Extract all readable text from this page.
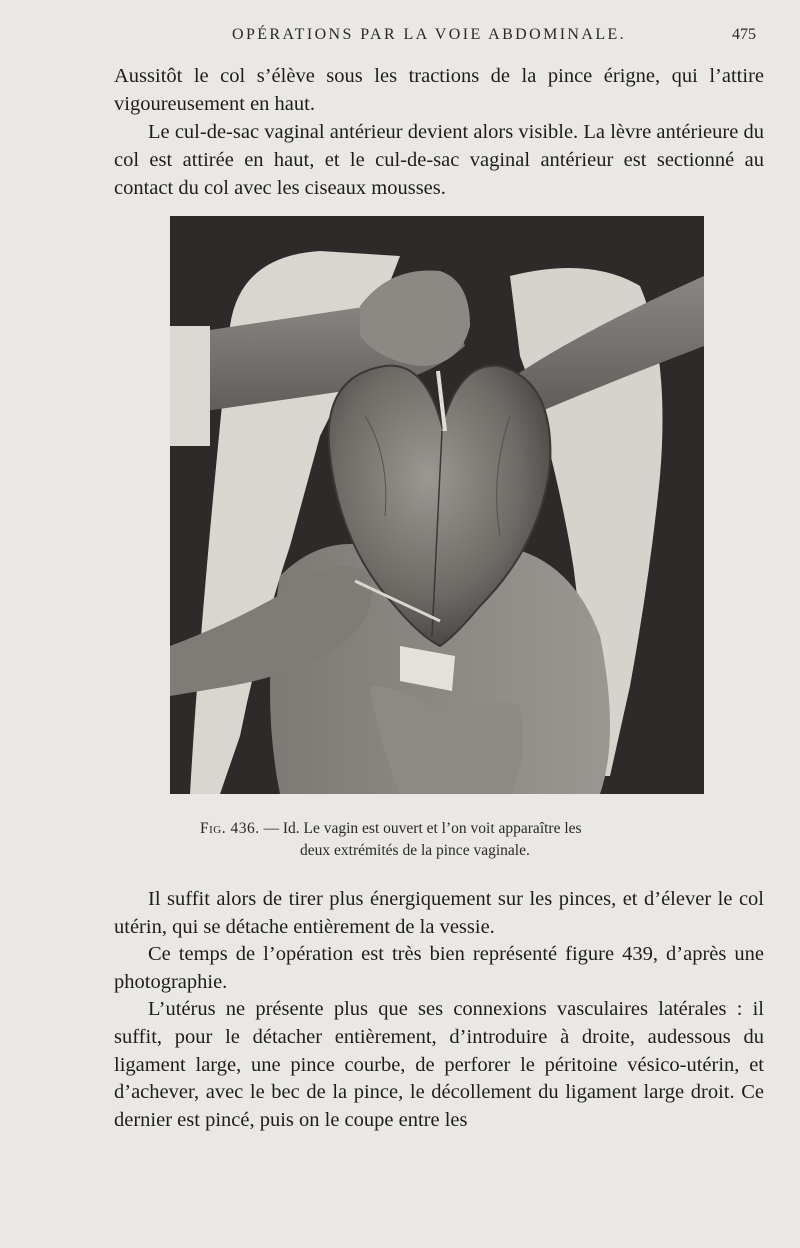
OPÉRATIONS PAR LA VOIE ABDOMINALE.	475

Aussitôt le col s’élève sous les tractions de la pince érigne, qui l’attire vigoureusement en haut.

Le cul-de-sac vaginal antérieur devient alors visible. La lèvre antérieure du col est attirée en haut, et le cul-de-sac vaginal antérieur est sectionné au contact du col avec les ciseaux mousses.

Fig. 436. — Id. Le vagin est ouvert et l’on voit apparaître les
deux extrémités de la pince vaginale.

Il suffit alors de tirer plus énergiquement sur les pinces, et d’élever le col utérin, qui se détache entièrement de la vessie.

Ce temps de l’opération est très bien représenté figure 439, d’après une photographie.

L’utérus ne présente plus que ses connexions vasculaires latérales : il suffit, pour le détacher entièrement, d’introduire à droite, audessous du ligament large, une pince courbe, de perforer le péritoine vésico-utérin, et d’achever, avec le bec de la pince, le décollement du ligament large droit. Ce dernier est pincé, puis on le coupe entre les
